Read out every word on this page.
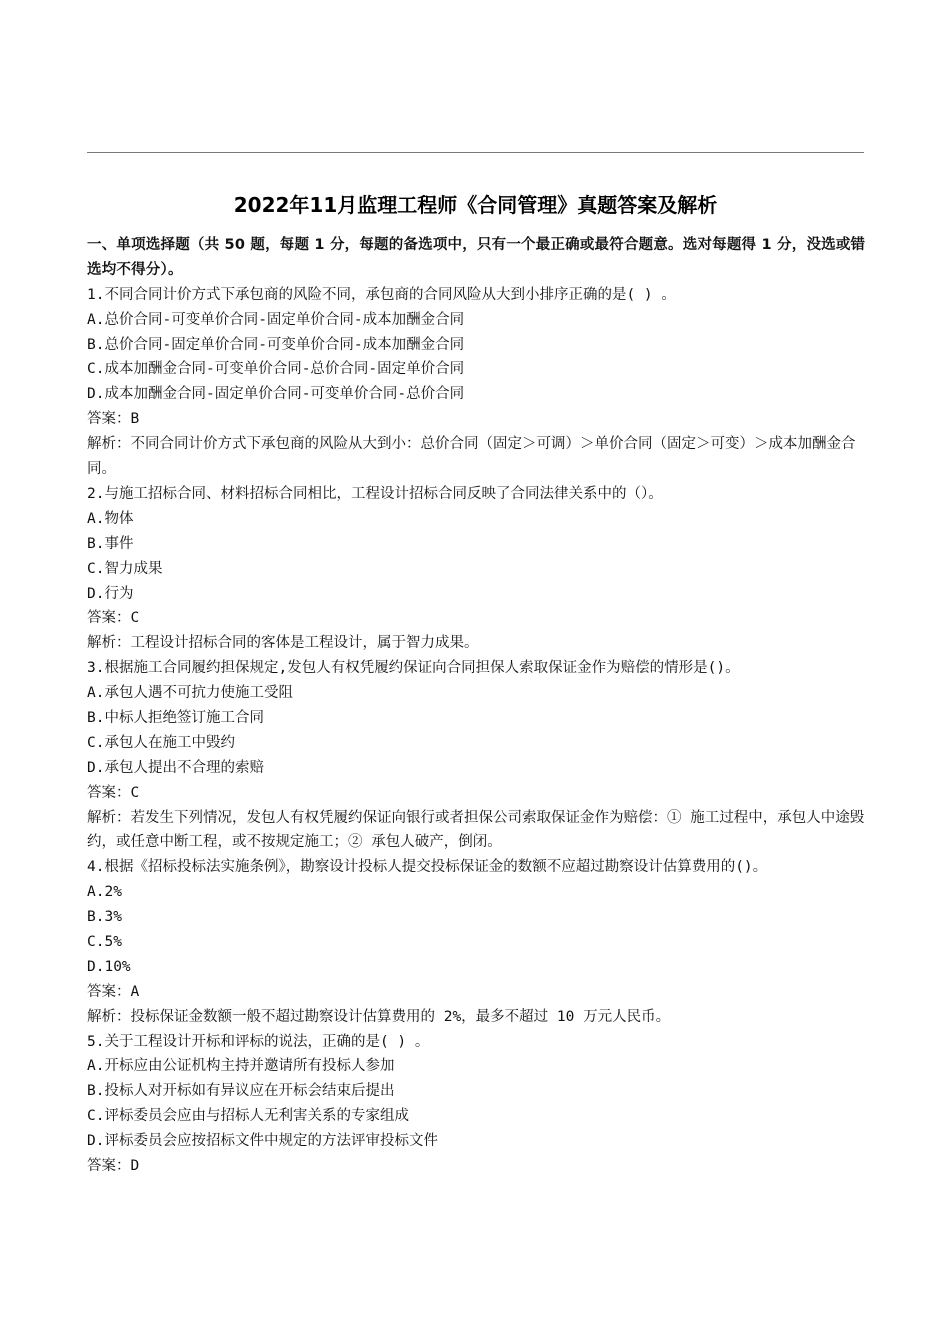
2022年11月监理工程师《合同管理》真题答案及解析
一、单项选择题（共 50 题，每题 1 分，每题的备选项中，只有一个最正确或最符合题意。选对每题得 1 分，没选或错选均不得分）。
1.不同合同计价方式下承包商的风险不同，承包商的合同风险从大到小排序正确的是( ) 。
A.总价合同-可变单价合同-固定单价合同-成本加酬金合同
B.总价合同-固定单价合同-可变单价合同-成本加酬金合同
C.成本加酬金合同-可变单价合同-总价合同-固定单价合同
D.成本加酬金合同-固定单价合同-可变单价合同-总价合同
答案：B
解析：不同合同计价方式下承包商的风险从大到小：总价合同（固定＞可调）＞单价合同（固定＞可变）＞成本加酬金合同。
2.与施工招标合同、材料招标合同相比，工程设计招标合同反映了合同法律关系中的（）。
A.物体
B.事件
C.智力成果
D.行为
答案：C
解析：工程设计招标合同的客体是工程设计，属于智力成果。
3.根据施工合同履约担保规定,发包人有权凭履约保证向合同担保人索取保证金作为赔偿的情形是()。
A.承包人遇不可抗力使施工受阻
B.中标人拒绝签订施工合同
C.承包人在施工中毁约
D.承包人提出不合理的索赔
答案：C
解析：若发生下列情况，发包人有权凭履约保证向银行或者担保公司索取保证金作为赔偿：① 施工过程中，承包人中途毁约，或任意中断工程，或不按规定施工；② 承包人破产，倒闭。
4.根据《招标投标法实施条例》，勘察设计投标人提交投标保证金的数额不应超过勘察设计估算费用的()。
A.2%
B.3%
C.5%
D.10%
答案：A
解析：投标保证金数额一般不超过勘察设计估算费用的 2%，最多不超过 10 万元人民币。
5.关于工程设计开标和评标的说法，正确的是( ) 。
A.开标应由公证机构主持并邀请所有投标人参加
B.投标人对开标如有异议应在开标会结束后提出
C.评标委员会应由与招标人无利害关系的专家组成
D.评标委员会应按招标文件中规定的方法评审投标文件
答案：D
